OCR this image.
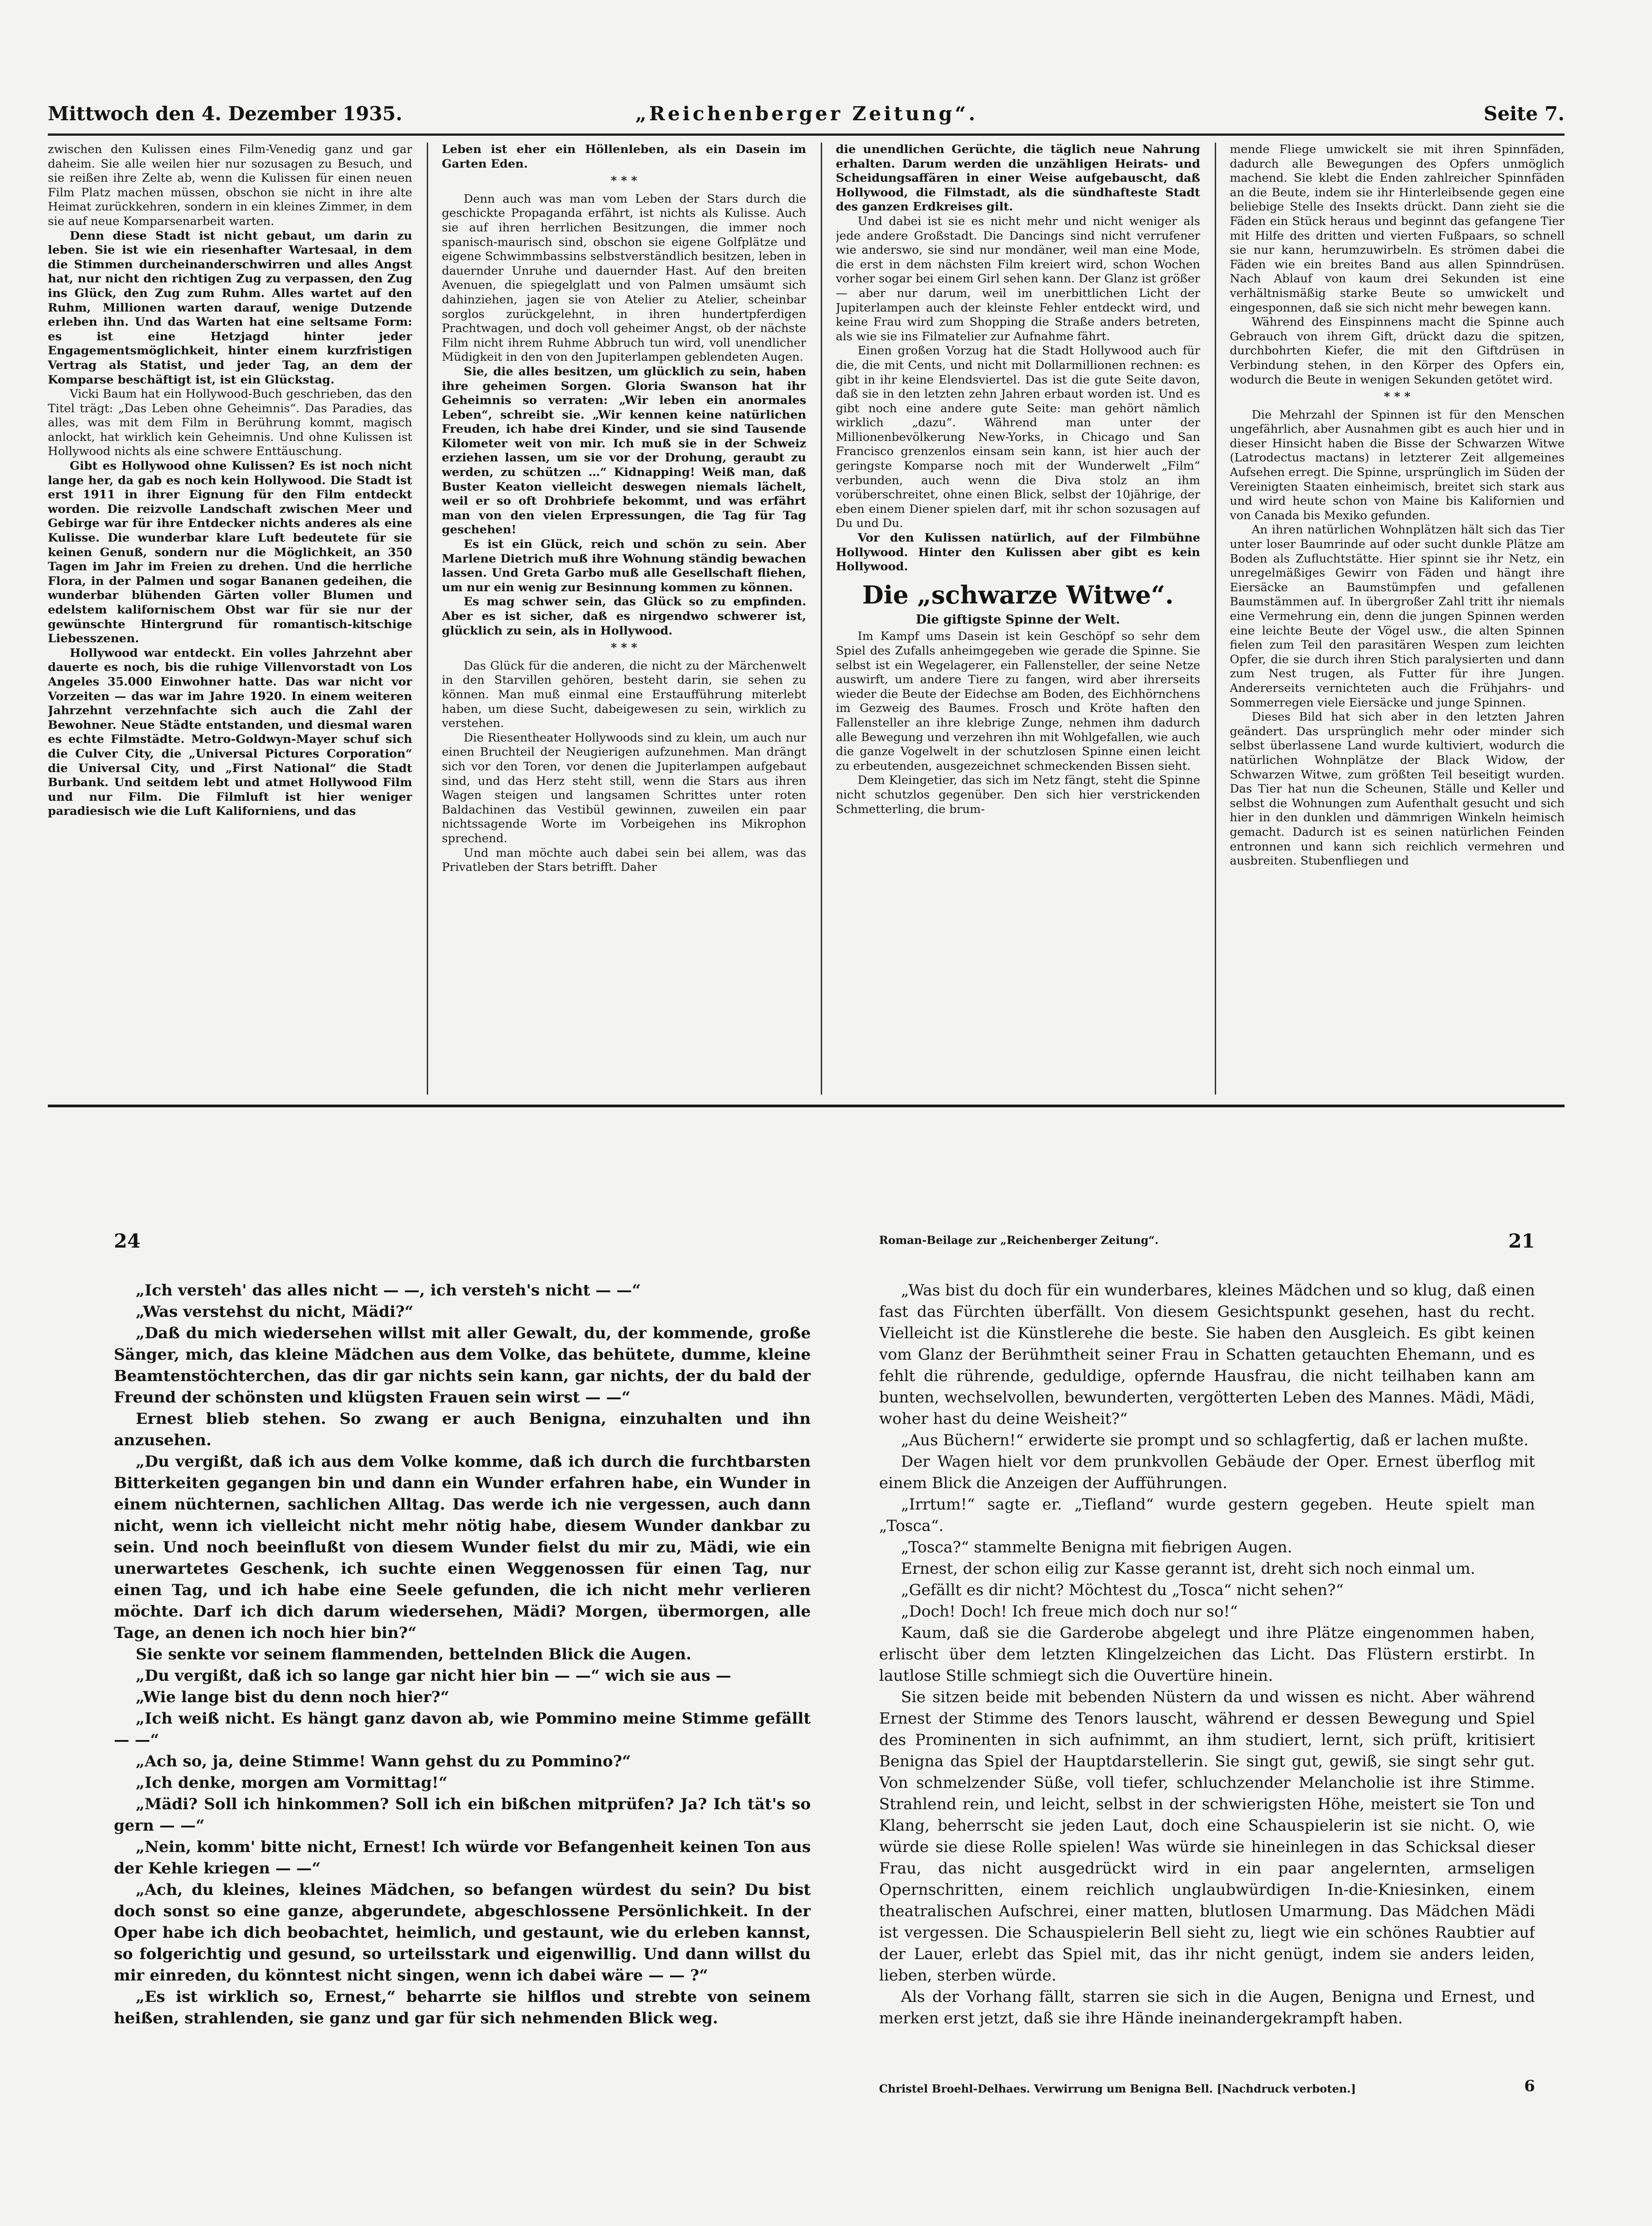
Mittwoch den 4. Dezember 1935.	„Reichenberger Zeitung“.	Seite 7.

zwischen den Kulissen eines Film-Venedig ganz und gar daheim. Sie alle weilen hier nur sozusagen zu Besuch, und sie reißen ihre Zelte ab, wenn die Kulissen für einen neuen Film Platz machen müssen, obschon sie nicht in ihre alte Heimat zurückkehren, sondern in ein kleines Zimmer, in dem sie auf neue Komparsenarbeit warten.

Denn diese Stadt ist nicht gebaut, um darin zu leben. Sie ist wie ein riesenhafter Wartesaal, in dem die Stimmen durcheinanderschwirren und alles Angst hat, nur nicht den richtigen Zug zu verpassen, den Zug ins Glück, den Zug zum Ruhm. Alles wartet auf den Ruhm, Millionen warten darauf, wenige Dutzende erleben ihn. Und das Warten hat eine seltsame Form: es ist eine Hetzjagd hinter jeder Engagementsmöglichkeit, hinter einem kurzfristigen Vertrag als Statist, und jeder Tag, an dem der Komparse beschäftigt ist, ist ein Glückstag.

Vicki Baum hat ein Hollywood-Buch geschrieben, das den Titel trägt: „Das Leben ohne Geheimnis“. Das Paradies, das alles, was mit dem Film in Berührung kommt, magisch anlockt, hat wirklich kein Geheimnis. Und ohne Kulissen ist Hollywood nichts als eine schwere Enttäuschung.

Gibt es Hollywood ohne Kulissen? Es ist noch nicht lange her, da gab es noch kein Hollywood. Die Stadt ist erst 1911 in ihrer Eignung für den Film entdeckt worden. Die reizvolle Landschaft zwischen Meer und Gebirge war für ihre Entdecker nichts anderes als eine Kulisse. Die wunderbar klare Luft bedeutete für sie keinen Genuß, sondern nur die Möglichkeit, an 350 Tagen im Jahr im Freien zu drehen. Und die herrliche Flora, in der Palmen und sogar Bananen gedeihen, die wunderbar blühenden Gärten voller Blumen und edelstem kalifornischem Obst war für sie nur der gewünschte Hintergrund für romantisch-kitschige Liebesszenen.

Hollywood war entdeckt. Ein volles Jahrzehnt aber dauerte es noch, bis die ruhige Villenvorstadt von Los Angeles 35.000 Einwohner hatte. Das war nicht vor Vorzeiten — das war im Jahre 1920. In einem weiteren Jahrzehnt verzehnfachte sich auch die Zahl der Bewohner. Neue Städte entstanden, und diesmal waren es echte Filmstädte. Metro-Goldwyn-Mayer schuf sich die Culver City, die „Universal Pictures Corporation“ die Universal City, und „First National“ die Stadt Burbank. Und seitdem lebt und atmet Hollywood Film und nur Film. Die Filmluft ist hier weniger paradiesisch wie die Luft Kaliforniens, und das

Leben ist eher ein Höllenleben, als ein Dasein im Garten Eden.

* * *

Denn auch was man vom Leben der Stars durch die geschickte Propaganda erfährt, ist nichts als Kulisse. Auch sie auf ihren herrlichen Besitzungen, die immer noch spanisch-maurisch sind, obschon sie eigene Golfplätze und eigene Schwimmbassins selbstverständlich besitzen, leben in dauernder Unruhe und dauernder Hast. Auf den breiten Avenuen, die spiegelglatt und von Palmen umsäumt sich dahinziehen, jagen sie von Atelier zu Atelier, scheinbar sorglos zurückgelehnt, in ihren hundertpferdigen Prachtwagen, und doch voll geheimer Angst, ob der nächste Film nicht ihrem Ruhme Abbruch tun wird, voll unendlicher Müdigkeit in den von den Jupiterlampen geblendeten Augen.

Sie, die alles besitzen, um glücklich zu sein, haben ihre geheimen Sorgen. Gloria Swanson hat ihr Geheimnis so verraten: „Wir leben ein anormales Leben“, schreibt sie. „Wir kennen keine natürlichen Freuden, ich habe drei Kinder, und sie sind Tausende Kilometer weit von mir. Ich muß sie in der Schweiz erziehen lassen, um sie vor der Drohung, geraubt zu werden, zu schützen …“ Kidnapping! Weiß man, daß Buster Keaton vielleicht deswegen niemals lächelt, weil er so oft Drohbriefe bekommt, und was erfährt man von den vielen Erpressungen, die Tag für Tag geschehen!

Es ist ein Glück, reich und schön zu sein. Aber Marlene Dietrich muß ihre Wohnung ständig bewachen lassen. Und Greta Garbo muß alle Gesellschaft fliehen, um nur ein wenig zur Besinnung kommen zu können.

Es mag schwer sein, das Glück so zu empfinden. Aber es ist sicher, daß es nirgendwo schwerer ist, glücklich zu sein, als in Hollywood.

* * *

Das Glück für die anderen, die nicht zu der Märchenwelt in den Starvillen gehören, besteht darin, sie sehen zu können. Man muß einmal eine Erstaufführung miterlebt haben, um diese Sucht, dabeigewesen zu sein, wirklich zu verstehen.

Die Riesentheater Hollywoods sind zu klein, um auch nur einen Bruchteil der Neugierigen aufzunehmen. Man drängt sich vor den Toren, vor denen die Jupiterlampen aufgebaut sind, und das Herz steht still, wenn die Stars aus ihren Wagen steigen und langsamen Schrittes unter roten Baldachinen das Vestibül gewinnen, zuweilen ein paar nichtssagende Worte im Vorbeigehen ins Mikrophon sprechend.

Und man möchte auch dabei sein bei allem, was das Privatleben der Stars betrifft. Daher

die unendlichen Gerüchte, die täglich neue Nahrung erhalten. Darum werden die unzähligen Heirats- und Scheidungsaffären in einer Weise aufgebauscht, daß Hollywood, die Filmstadt, als die sündhafteste Stadt des ganzen Erdkreises gilt.

Und dabei ist sie es nicht mehr und nicht weniger als jede andere Großstadt. Die Dancings sind nicht verrufener wie anderswo, sie sind nur mondäner, weil man eine Mode, die erst in dem nächsten Film kreiert wird, schon Wochen vorher sogar bei einem Girl sehen kann. Der Glanz ist größer — aber nur darum, weil im unerbittlichen Licht der Jupiterlampen auch der kleinste Fehler entdeckt wird, und keine Frau wird zum Shopping die Straße anders betreten, als wie sie ins Filmatelier zur Aufnahme fährt.

Einen großen Vorzug hat die Stadt Hollywood auch für die, die mit Cents, und nicht mit Dollarmillionen rechnen: es gibt in ihr keine Elendsviertel. Das ist die gute Seite davon, daß sie in den letzten zehn Jahren erbaut worden ist. Und es gibt noch eine andere gute Seite: man gehört nämlich wirklich „dazu“. Während man unter der Millionenbevölkerung New-Yorks, in Chicago und San Francisco grenzenlos einsam sein kann, ist hier auch der geringste Komparse noch mit der Wunderwelt „Film“ verbunden, auch wenn die Diva stolz an ihm vorüberschreitet, ohne einen Blick, selbst der 10jährige, der eben einem Diener spielen darf, mit ihr schon sozusagen auf Du und Du.

Vor den Kulissen natürlich, auf der Filmbühne Hollywood. Hinter den Kulissen aber gibt es kein Hollywood.

Die „schwarze Witwe“.
Die giftigste Spinne der Welt.

Im Kampf ums Dasein ist kein Geschöpf so sehr dem Spiel des Zufalls anheimgegeben wie gerade die Spinne. Sie selbst ist ein Wegelagerer, ein Fallensteller, der seine Netze auswirft, um andere Tiere zu fangen, wird aber ihrerseits wieder die Beute der Eidechse am Boden, des Eichhörnchens im Gezweig des Baumes. Frosch und Kröte haften den Fallensteller an ihre klebrige Zunge, nehmen ihm dadurch alle Bewegung und verzehren ihn mit Wohlgefallen, wie auch die ganze Vogelwelt in der schutzlosen Spinne einen leicht zu erbeutenden, ausgezeichnet schmeckenden Bissen sieht.

Dem Kleingetier, das sich im Netz fängt, steht die Spinne nicht schutzlos gegenüber. Den sich hier verstrickenden Schmetterling, die brum-

mende Fliege umwickelt sie mit ihren Spinnfäden, dadurch alle Bewegungen des Opfers unmöglich machend. Sie klebt die Enden zahlreicher Spinnfäden an die Beute, indem sie ihr Hinterleibsende gegen eine beliebige Stelle des Insekts drückt. Dann zieht sie die Fäden ein Stück heraus und beginnt das gefangene Tier mit Hilfe des dritten und vierten Fußpaars, so schnell sie nur kann, herumzuwirbeln. Es strömen dabei die Fäden wie ein breites Band aus allen Spinndrüsen. Nach Ablauf von kaum drei Sekunden ist eine verhältnismäßig starke Beute so umwickelt und eingesponnen, daß sie sich nicht mehr bewegen kann.

Während des Einspinnens macht die Spinne auch Gebrauch von ihrem Gift, drückt dazu die spitzen, durchbohrten Kiefer, die mit den Giftdrüsen in Verbindung stehen, in den Körper des Opfers ein, wodurch die Beute in wenigen Sekunden getötet wird.

* * *

Die Mehrzahl der Spinnen ist für den Menschen ungefährlich, aber Ausnahmen gibt es auch hier und in dieser Hinsicht haben die Bisse der Schwarzen Witwe (Latrodectus mactans) in letzterer Zeit allgemeines Aufsehen erregt. Die Spinne, ursprünglich im Süden der Vereinigten Staaten einheimisch, breitet sich stark aus und wird heute schon von Maine bis Kalifornien und von Canada bis Mexiko gefunden.

An ihren natürlichen Wohnplätzen hält sich das Tier unter loser Baumrinde auf oder sucht dunkle Plätze am Boden als Zufluchtstätte. Hier spinnt sie ihr Netz, ein unregelmäßiges Gewirr von Fäden und hängt ihre Eiersäcke an Baumstümpfen und gefallenen Baumstämmen auf. In übergroßer Zahl tritt ihr niemals eine Vermehrung ein, denn die jungen Spinnen werden eine leichte Beute der Vögel usw., die alten Spinnen fielen zum Teil den parasitären Wespen zum leichten Opfer, die sie durch ihren Stich paralysierten und dann zum Nest trugen, als Futter für ihre Jungen. Andererseits vernichteten auch die Frühjahrs- und Sommerregen viele Eiersäcke und junge Spinnen.

Dieses Bild hat sich aber in den letzten Jahren geändert. Das ursprünglich mehr oder minder sich selbst überlassene Land wurde kultiviert, wodurch die natürlichen Wohnplätze der Black Widow, der Schwarzen Witwe, zum größten Teil beseitigt wurden. Das Tier hat nun die Scheunen, Ställe und Keller und selbst die Wohnungen zum Aufenthalt gesucht und sich hier in den dunklen und dämmrigen Winkeln heimisch gemacht. Dadurch ist es seinen natürlichen Feinden entronnen und kann sich reichlich vermehren und ausbreiten. Stubenfliegen und

24

„Ich versteh' das alles nicht — —, ich versteh's nicht — —“

„Was verstehst du nicht, Mädi?“

„Daß du mich wiedersehen willst mit aller Gewalt, du, der kommende, große Sänger, mich, das kleine Mädchen aus dem Volke, das behütete, dumme, kleine Beamtenstöchterchen, das dir gar nichts sein kann, gar nichts, der du bald der Freund der schönsten und klügsten Frauen sein wirst — —“

Ernest blieb stehen. So zwang er auch Benigna, einzuhalten und ihn anzusehen.

„Du vergißt, daß ich aus dem Volke komme, daß ich durch die furchtbarsten Bitterkeiten gegangen bin und dann ein Wunder erfahren habe, ein Wunder in einem nüchternen, sachlichen Alltag. Das werde ich nie vergessen, auch dann nicht, wenn ich vielleicht nicht mehr nötig habe, diesem Wunder dankbar zu sein. Und noch beeinflußt von diesem Wunder fielst du mir zu, Mädi, wie ein unerwartetes Geschenk, ich suchte einen Weggenossen für einen Tag, nur einen Tag, und ich habe eine Seele gefunden, die ich nicht mehr verlieren möchte. Darf ich dich darum wiedersehen, Mädi? Morgen, übermorgen, alle Tage, an denen ich noch hier bin?“

Sie senkte vor seinem flammenden, bettelnden Blick die Augen.

„Du vergißt, daß ich so lange gar nicht hier bin — —“ wich sie aus —

„Wie lange bist du denn noch hier?“

„Ich weiß nicht. Es hängt ganz davon ab, wie Pommino meine Stimme gefällt — —“

„Ach so, ja, deine Stimme! Wann gehst du zu Pommino?“

„Ich denke, morgen am Vormittag!“

„Mädi? Soll ich hinkommen? Soll ich ein bißchen mitprüfen? Ja? Ich tät's so gern — —“

„Nein, komm' bitte nicht, Ernest! Ich würde vor Befangenheit keinen Ton aus der Kehle kriegen — —“

„Ach, du kleines, kleines Mädchen, so befangen würdest du sein? Du bist doch sonst so eine ganze, abgerundete, abgeschlossene Persönlichkeit. In der Oper habe ich dich beobachtet, heimlich, und gestaunt, wie du erleben kannst, so folgerichtig und gesund, so urteilsstark und eigenwillig. Und dann willst du mir einreden, du könntest nicht singen, wenn ich dabei wäre — — ?“

„Es ist wirklich so, Ernest,“ beharrte sie hilflos und strebte von seinem heißen, strahlenden, sie ganz und gar für sich nehmenden Blick weg.

Roman-Beilage zur „Reichenberger Zeitung“.	21

„Was bist du doch für ein wunderbares, kleines Mädchen und so klug, daß einen fast das Fürchten überfällt. Von diesem Gesichtspunkt gesehen, hast du recht. Vielleicht ist die Künstlerehe die beste. Sie haben den Ausgleich. Es gibt keinen vom Glanz der Berühmtheit seiner Frau in Schatten getauchten Ehemann, und es fehlt die rührende, geduldige, opfernde Hausfrau, die nicht teilhaben kann am bunten, wechselvollen, bewunderten, vergötterten Leben des Mannes. Mädi, Mädi, woher hast du deine Weisheit?“

„Aus Büchern!“ erwiderte sie prompt und so schlagfertig, daß er lachen mußte.

Der Wagen hielt vor dem prunkvollen Gebäude der Oper. Ernest überflog mit einem Blick die Anzeigen der Aufführungen.

„Irrtum!“ sagte er. „Tiefland“ wurde gestern gegeben. Heute spielt man „Tosca“.

„Tosca?“ stammelte Benigna mit fiebrigen Augen.

Ernest, der schon eilig zur Kasse gerannt ist, dreht sich noch einmal um.

„Gefällt es dir nicht? Möchtest du „Tosca“ nicht sehen?“

„Doch! Doch! Ich freue mich doch nur so!“

Kaum, daß sie die Garderobe abgelegt und ihre Plätze eingenommen haben, erlischt über dem letzten Klingelzeichen das Licht. Das Flüstern erstirbt. In lautlose Stille schmiegt sich die Ouvertüre hinein.

Sie sitzen beide mit bebenden Nüstern da und wissen es nicht. Aber während Ernest der Stimme des Tenors lauscht, während er dessen Bewegung und Spiel des Prominenten in sich aufnimmt, an ihm studiert, lernt, sich prüft, kritisiert Benigna das Spiel der Hauptdarstellerin. Sie singt gut, gewiß, sie singt sehr gut. Von schmelzender Süße, voll tiefer, schluchzender Melancholie ist ihre Stimme. Strahlend rein, und leicht, selbst in der schwierigsten Höhe, meistert sie Ton und Klang, beherrscht sie jeden Laut, doch eine Schauspielerin ist sie nicht. O, wie würde sie diese Rolle spielen! Was würde sie hineinlegen in das Schicksal dieser Frau, das nicht ausgedrückt wird in ein paar angelernten, armseligen Opernschritten, einem reichlich unglaubwürdigen In-die-Kniesinken, einem theatralischen Aufschrei, einer matten, blutlosen Umarmung. Das Mädchen Mädi ist vergessen. Die Schauspielerin Bell sieht zu, liegt wie ein schönes Raubtier auf der Lauer, erlebt das Spiel mit, das ihr nicht genügt, indem sie anders leiden, lieben, sterben würde.

Als der Vorhang fällt, starren sie sich in die Augen, Benigna und Ernest, und merken erst jetzt, daß sie ihre Hände ineinandergekrampft haben.

Christel Broehl-Delhaes. Verwirrung um Benigna Bell. [Nachdruck verboten.]	6
